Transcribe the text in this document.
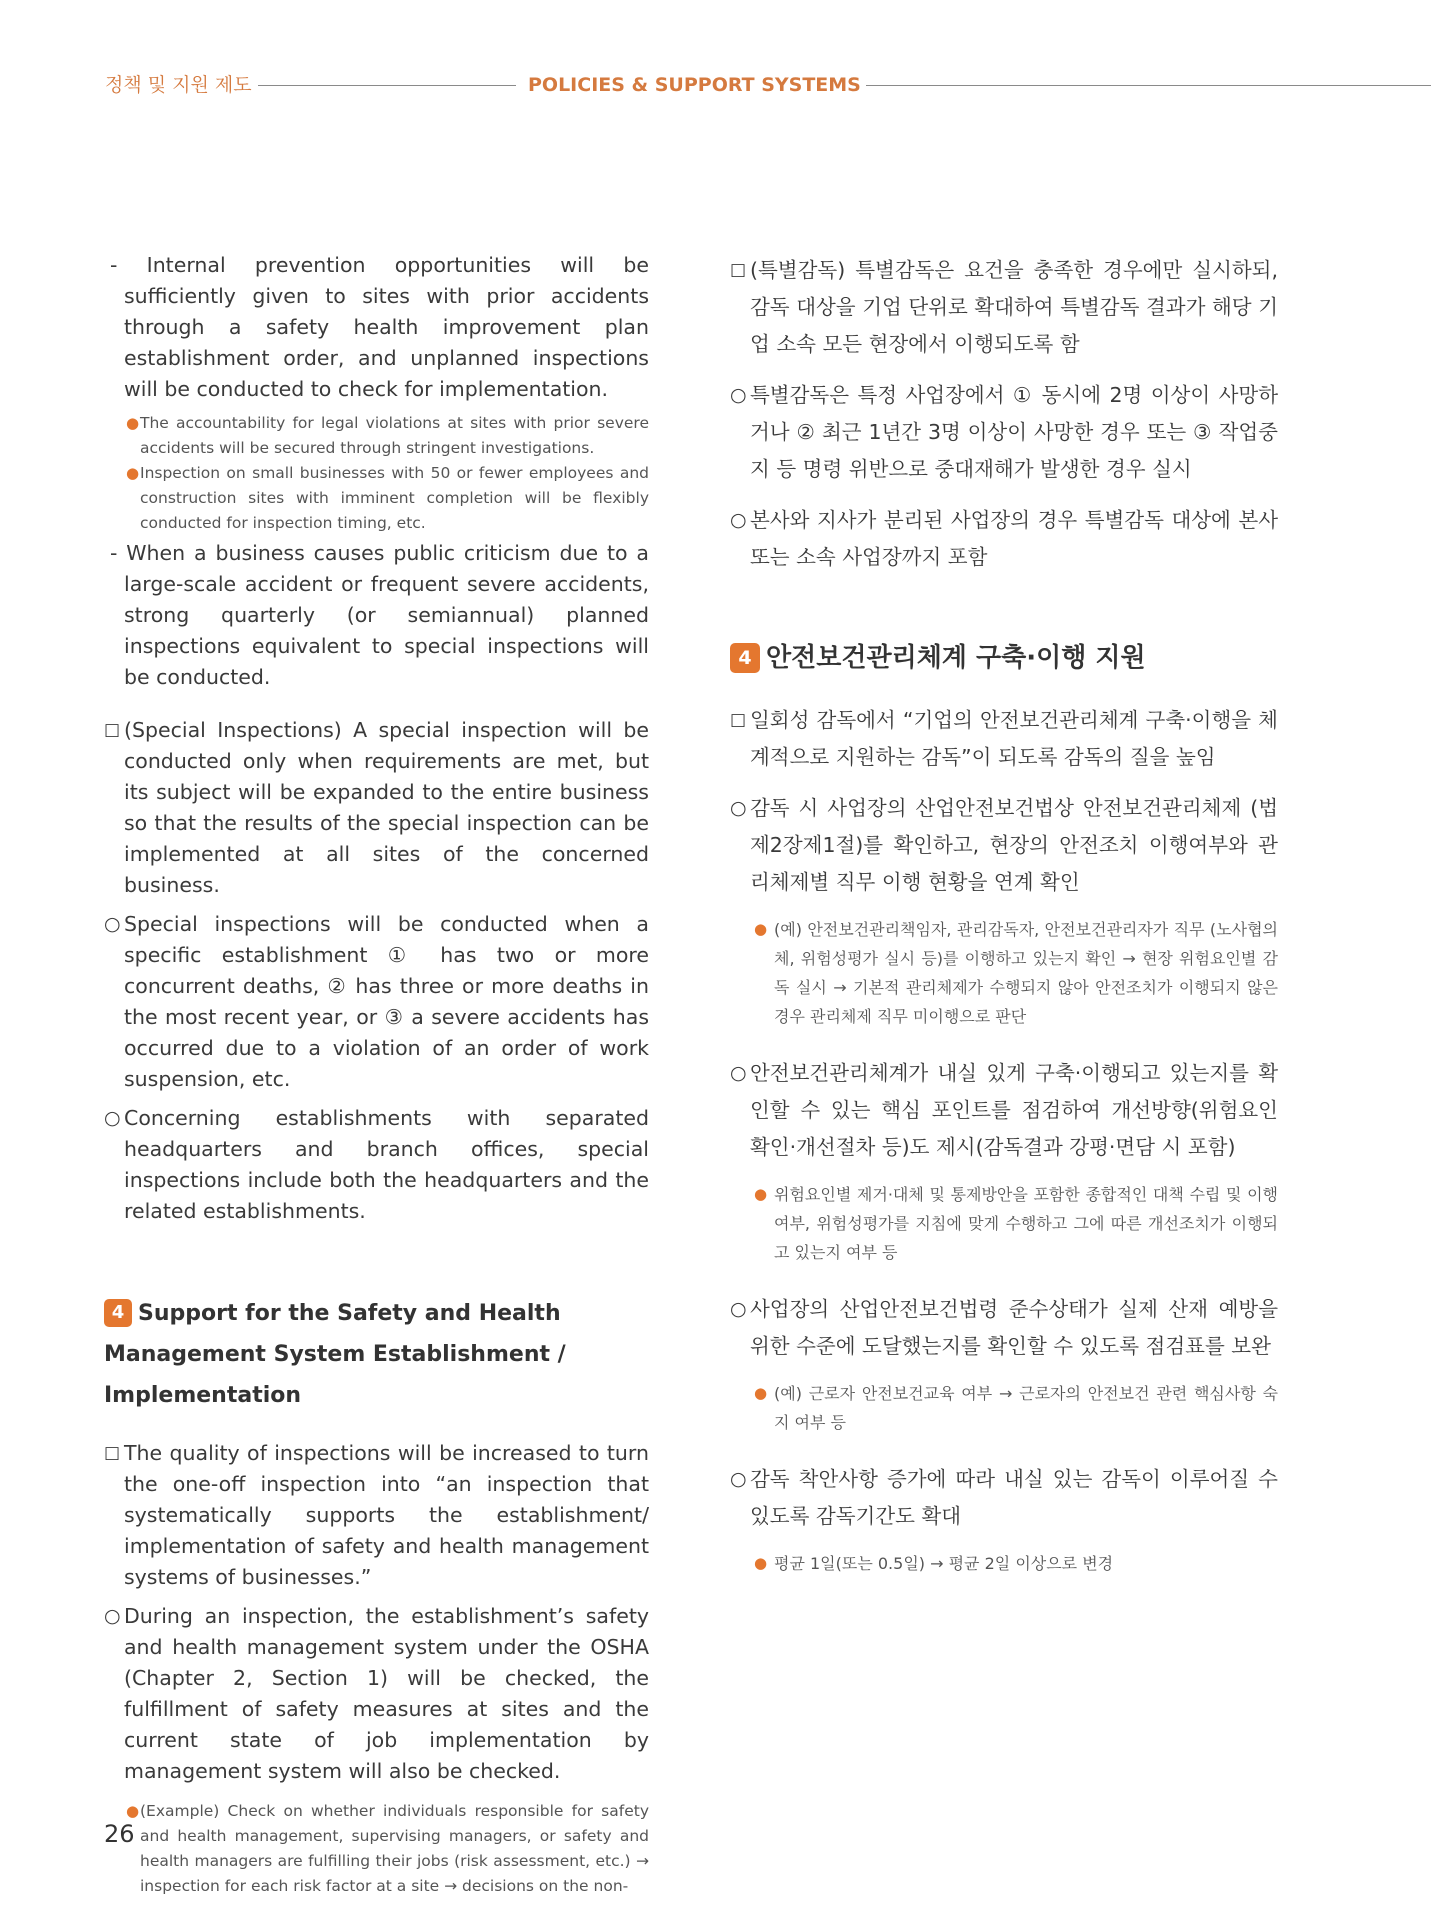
정책 및 지원 제도	POLICIES & SUPPORT SYSTEMS
- Internal prevention opportunities will be sufficiently given to sites with prior accidents through a safety health improvement plan establishment order, and unplanned inspections will be conducted to check for implementation.
● The accountability for legal violations at sites with prior severe accidents will be secured through stringent investigations.
● Inspection on small businesses with 50 or fewer employees and construction sites with imminent completion will be flexibly conducted for inspection timing, etc.
- When a business causes public criticism due to a large-scale accident or frequent severe accidents, strong quarterly (or semiannual) planned inspections equivalent to special inspections will be conducted.
□ (Special Inspections) A special inspection will be conducted only when requirements are met, but its subject will be expanded to the entire business so that the results of the special inspection can be implemented at all sites of the concerned business.
○ Special inspections will be conducted when a specific establishment ① has two or more concurrent deaths, ② has three or more deaths in the most recent year, or ③ a severe accidents has occurred due to a violation of an order of work suspension, etc.
○ Concerning establishments with separated headquarters and branch offices, special inspections include both the headquarters and the related establishments.
4 Support for the Safety and Health Management System Establishment / Implementation
□ The quality of inspections will be increased to turn the one-off inspection into “an inspection that systematically supports the establishment/ implementation of safety and health management systems of businesses.”
○ During an inspection, the establishment’s safety and health management system under the OSHA (Chapter 2, Section 1) will be checked, the fulfillment of safety measures at sites and the current state of job implementation by management system will also be checked.
● (Example) Check on whether individuals responsible for safety and health management, supervising managers, or safety and health managers are fulfilling their jobs (risk assessment, etc.) → inspection for each risk factor at a site → decisions on the non-
□ (특별감독) 특별감독은 요건을 충족한 경우에만 실시하되, 감독 대상을 기업 단위로 확대하여 특별감독 결과가 해당 기업 소속 모든 현장에서 이행되도록 함
○ 특별감독은 특정 사업장에서 ① 동시에 2명 이상이 사망하거나 ② 최근 1년간 3명 이상이 사망한 경우 또는 ③ 작업중지 등 명령 위반으로 중대재해가 발생한 경우 실시
○ 본사와 지사가 분리된 사업장의 경우 특별감독 대상에 본사 또는 소속 사업장까지 포함
4 안전보건관리체계 구축·이행 지원
□ 일회성 감독에서 “기업의 안전보건관리체계 구축·이행을 체계적으로 지원하는 감독”이 되도록 감독의 질을 높임
○ 감독 시 사업장의 산업안전보건법상 안전보건관리체제 (법 제2장제1절)를 확인하고, 현장의 안전조치 이행여부와 관리체제별 직무 이행 현황을 연계 확인
● (예) 안전보건관리책임자, 관리감독자, 안전보건관리자가 직무 (노사협의체, 위험성평가 실시 등)를 이행하고 있는지 확인 → 현장 위험요인별 감독 실시 → 기본적 관리체제가 수행되지 않아 안전조치가 이행되지 않은 경우 관리체제 직무 미이행으로 판단
○ 안전보건관리체계가 내실 있게 구축·이행되고 있는지를 확인할 수 있는 핵심 포인트를 점검하여 개선방향(위험요인 확인·개선절차 등)도 제시(감독결과 강평·면담 시 포함)
● 위험요인별 제거·대체 및 통제방안을 포함한 종합적인 대책 수립 및 이행여부, 위험성평가를 지침에 맞게 수행하고 그에 따른 개선조치가 이행되고 있는지 여부 등
○ 사업장의 산업안전보건법령 준수상태가 실제 산재 예방을 위한 수준에 도달했는지를 확인할 수 있도록 점검표를 보완
● (예) 근로자 안전보건교육 여부 → 근로자의 안전보건 관련 핵심사항 숙지 여부 등
○ 감독 착안사항 증가에 따라 내실 있는 감독이 이루어질 수 있도록 감독기간도 확대
● 평균 1일(또는 0.5일) → 평균 2일 이상으로 변경
26
